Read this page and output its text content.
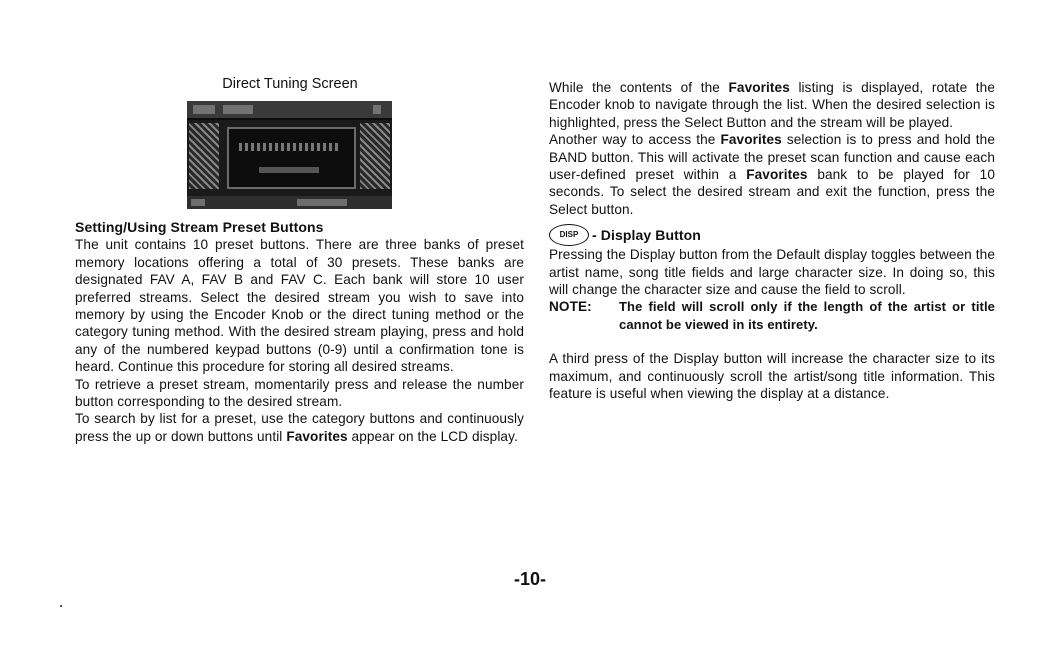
Direct Tuning Screen

Setting/Using Stream Preset Buttons

The unit contains 10 preset buttons. There are three banks of preset memory locations offering a total of 30 presets. These banks are designated FAV A, FAV B and FAV C. Each bank will store 10 user preferred streams. Select the desired stream you wish to save into memory by using the Encoder Knob or the direct tuning method or the category tuning method. With the desired stream playing, press and hold any of the numbered keypad buttons (0-9) until a confirmation tone is heard. Continue this procedure for storing all desired streams.

To retrieve a preset stream, momentarily press and release the number button corresponding to the desired stream.

To search by list for a preset, use the category buttons and continuously press the up or down buttons until Favorites appear on the LCD display.

While the contents of the Favorites listing is displayed, rotate the Encoder knob to navigate through the list. When the desired selection is highlighted, press the Select Button and the stream will be played.

Another way to access the Favorites selection is to press and hold the BAND button. This will activate the preset scan function and cause each user-defined preset within a Favorites bank to be played for 10 seconds. To select the desired stream and exit the function, press the Select button.

DISP - Display Button

Pressing the Display button from the Default display toggles between the artist name, song title fields and large character size. In doing so, this will change the character size and cause the field to scroll.

NOTE:	The field will scroll only if the length of the artist or title cannot be viewed in its entirety.

A third press of the Display button will increase the character size to its maximum, and continuously scroll the artist/song title information. This feature is useful when viewing the display at a distance.

-10-
